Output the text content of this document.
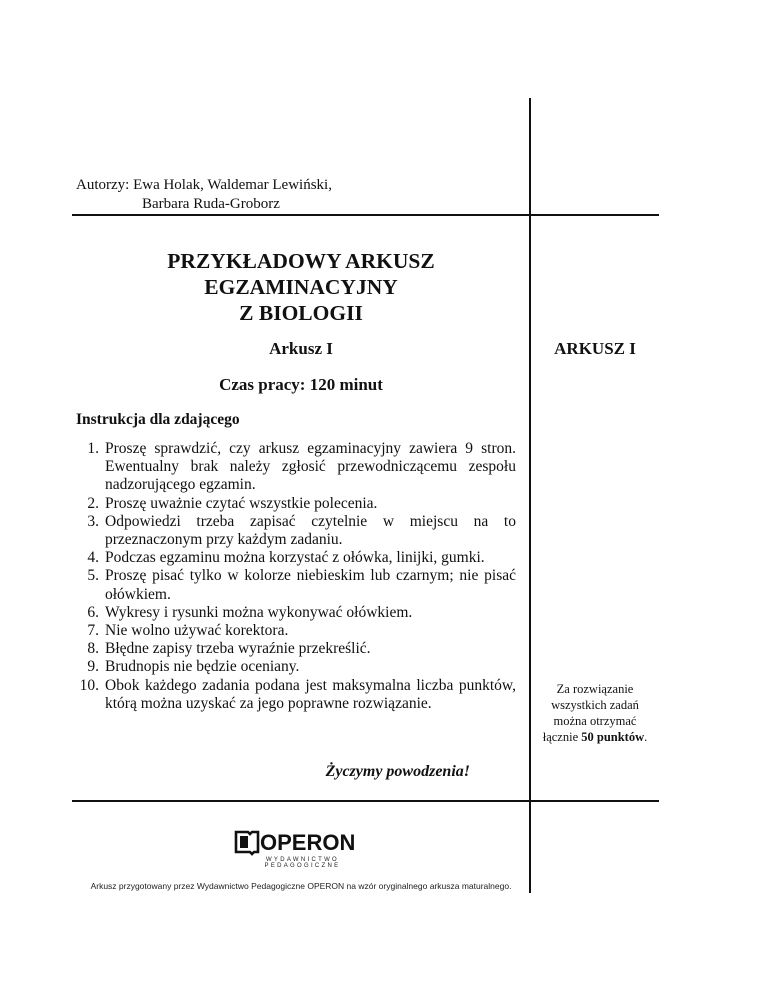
Autorzy: Ewa Holak, Waldemar Lewiński,
Barbara Ruda-Groborz
PRZYKŁADOWY ARKUSZ
EGZAMINACYJNY
Z BIOLOGII
Arkusz I
Czas pracy: 120 minut
Instrukcja dla zdającego
1. Proszę sprawdzić, czy arkusz egzaminacyjny zawiera 9 stron. Ewentualny brak należy zgłosić przewodniczącemu zespołu nadzorującego egzamin.
2. Proszę uważnie czytać wszystkie polecenia.
3. Odpowiedzi trzeba zapisać czytelnie w miejscu na to przeznaczonym przy każdym zadaniu.
4. Podczas egzaminu można korzystać z ołówka, linijki, gumki.
5. Proszę pisać tylko w kolorze niebieskim lub czarnym; nie pisać ołówkiem.
6. Wykresy i rysunki można wykonywać ołówkiem.
7. Nie wolno używać korektora.
8. Błędne zapisy trzeba wyraźnie przekreślić.
9. Brudnopis nie będzie oceniany.
10. Obok każdego zadania podana jest maksymalna liczba punktów, którą można uzyskać za jego poprawne rozwiązanie.
Życzymy powodzenia!
ARKUSZ I
Za rozwiązanie
wszystkich zadań
można otrzymać
łącznie 50 punktów.
OPERON
WYDAWNICTWO PEDAGOGICZNE
Arkusz przygotowany przez Wydawnictwo Pedagogiczne OPERON na wzór oryginalnego arkusza maturalnego.
